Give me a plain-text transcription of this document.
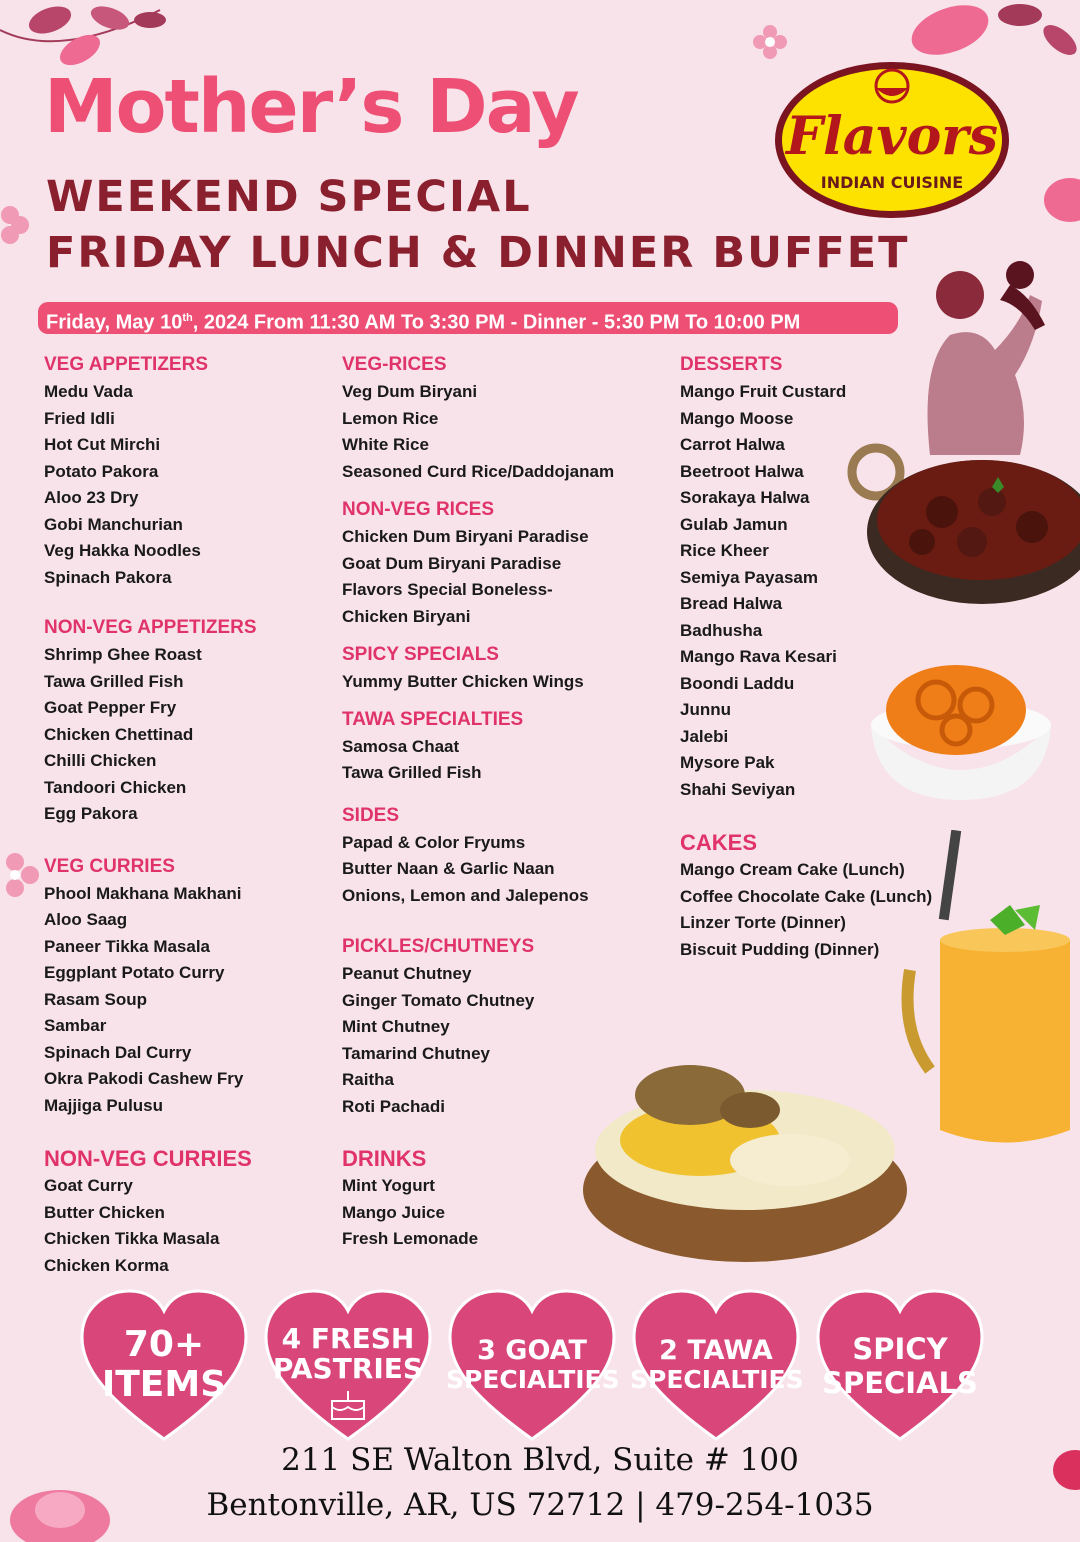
Mother’s Day
WEEKEND SPECIAL
FRIDAY LUNCH & DINNER BUFFET
Flavors
INDIAN CUISINE
Friday, May 10th, 2024 From 11:30 AM To 3:30 PM - Dinner - 5:30 PM To 10:00 PM
VEG APPETIZERS
Medu Vada
Fried Idli
Hot Cut Mirchi
Potato Pakora
Aloo 23 Dry
Gobi Manchurian
Veg Hakka Noodles
Spinach Pakora
NON-VEG APPETIZERS
Shrimp Ghee Roast
Tawa Grilled Fish
Goat Pepper Fry
Chicken Chettinad
Chilli Chicken
Tandoori Chicken
Egg Pakora
VEG CURRIES
Phool Makhana Makhani
Aloo Saag
Paneer Tikka Masala
Eggplant Potato Curry
Rasam Soup
Sambar
Spinach Dal Curry
Okra Pakodi Cashew Fry
Majjiga Pulusu
NON-VEG CURRIES
Goat Curry
Butter Chicken
Chicken Tikka Masala
Chicken Korma
VEG-RICES
Veg Dum Biryani
Lemon Rice
White Rice
Seasoned Curd Rice/Daddojanam
NON-VEG RICES
Chicken Dum Biryani Paradise
Goat Dum Biryani Paradise
Flavors Special Boneless-
Chicken Biryani
SPICY SPECIALS
Yummy Butter Chicken Wings
TAWA SPECIALTIES
Samosa Chaat
Tawa Grilled Fish
SIDES
Papad & Color Fryums
Butter Naan & Garlic Naan
Onions, Lemon and Jalepenos
PICKLES/CHUTNEYS
Peanut Chutney
Ginger Tomato Chutney
Mint Chutney
Tamarind Chutney
Raitha
Roti Pachadi
DRINKS
Mint Yogurt
Mango Juice
Fresh Lemonade
DESSERTS
Mango Fruit Custard
Mango Moose
Carrot Halwa
Beetroot Halwa
Sorakaya Halwa
Gulab Jamun
Rice Kheer
Semiya Payasam
Bread Halwa
Badhusha
Mango Rava Kesari
Boondi Laddu
Junnu
Jalebi
Mysore Pak
Shahi Seviyan
CAKES
Mango Cream Cake (Lunch)
Coffee Chocolate Cake (Lunch)
Linzer Torte (Dinner)
Biscuit Pudding (Dinner)
70+
ITEMS
4 FRESH
PASTRIES
3 GOAT
SPECIALTIES
2 TAWA
SPECIALTIES
SPICY
SPECIALS
211 SE Walton Blvd, Suite # 100
Bentonville, AR, US 72712 | 479-254-1035
